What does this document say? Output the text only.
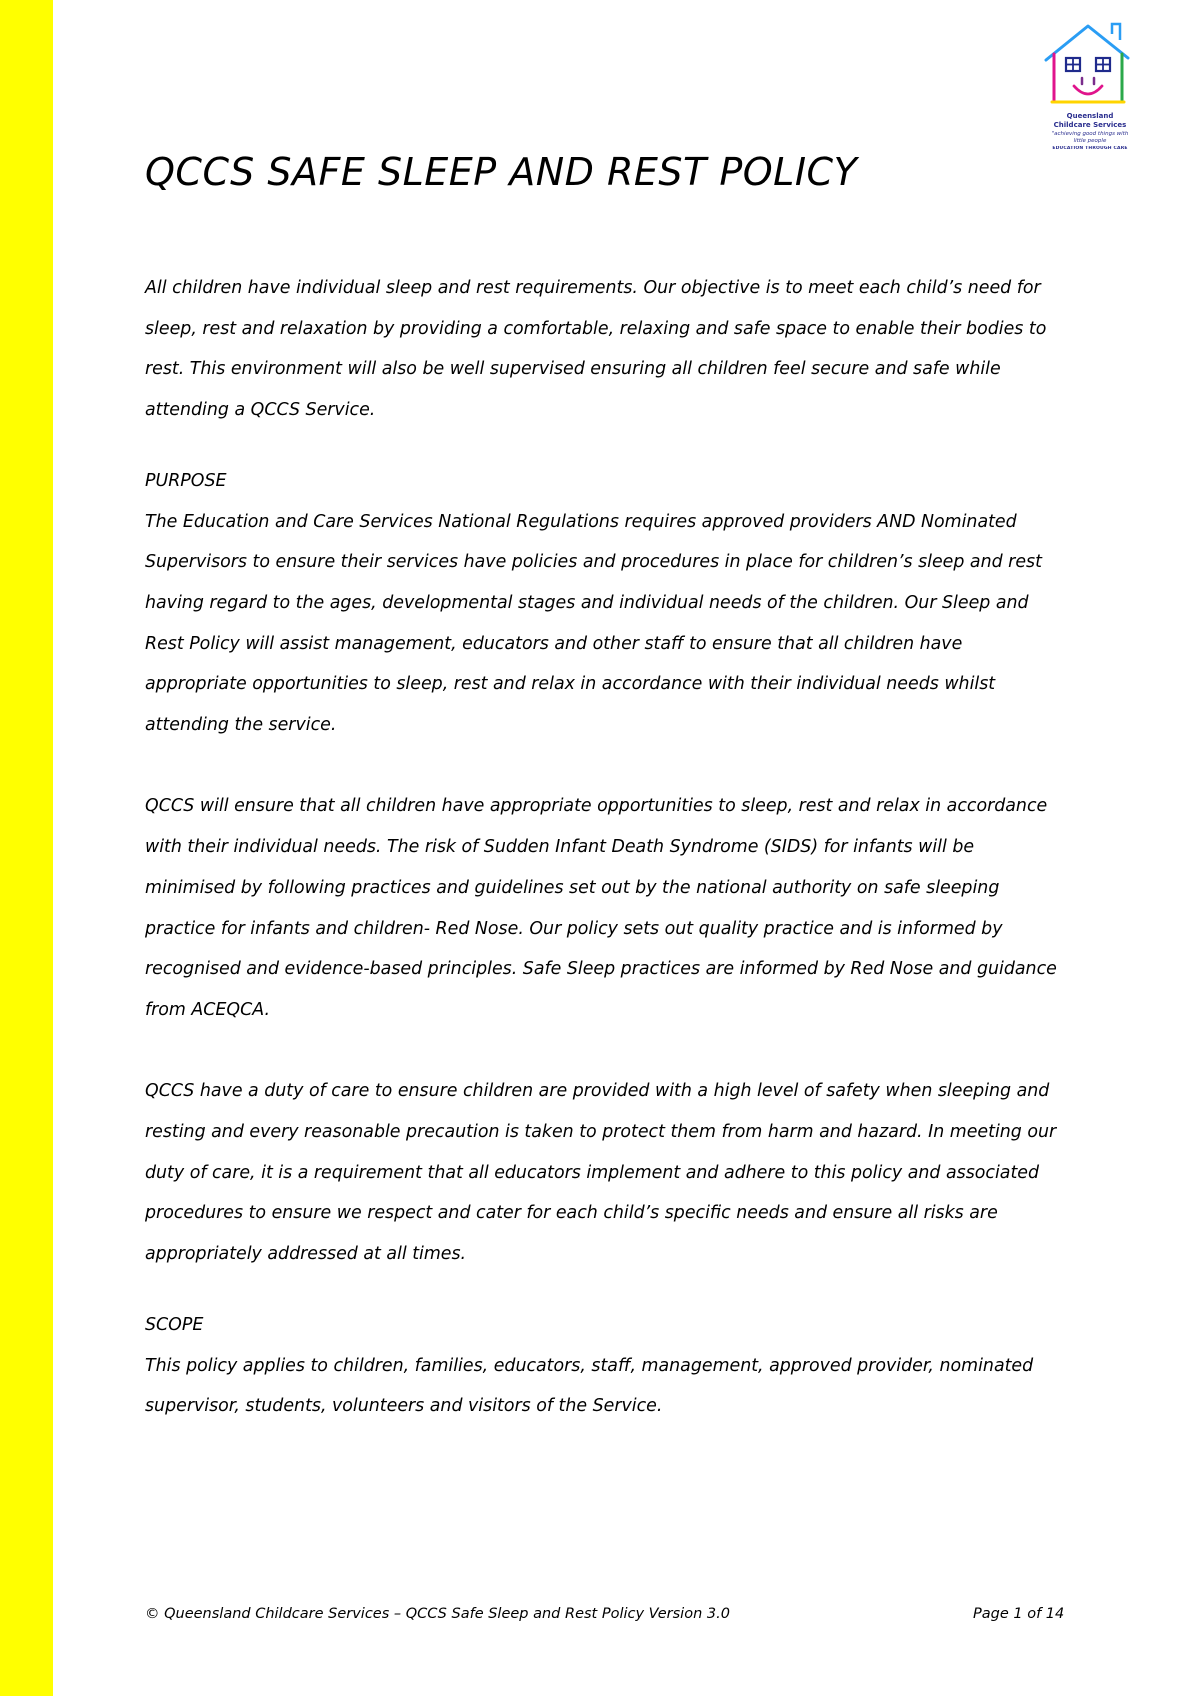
Queensland
Childcare Services
"achieving good things with
little people
EDUCATION THROUGH CARE
QCCS SAFE SLEEP AND REST POLICY

All children have individual sleep and rest requirements. Our objective is to meet each child’s need for sleep, rest and relaxation by providing a comfortable, relaxing and safe space to enable their bodies to rest. This environment will also be well supervised ensuring all children feel secure and safe while attending a QCCS Service.

PURPOSE

The Education and Care Services National Regulations requires approved providers AND Nominated Supervisors to ensure their services have policies and procedures in place for children’s sleep and rest having regard to the ages, developmental stages and individual needs of the children. Our Sleep and Rest Policy will assist management, educators and other staff to ensure that all children have appropriate opportunities to sleep, rest and relax in accordance with their individual needs whilst attending the service.

QCCS will ensure that all children have appropriate opportunities to sleep, rest and relax in accordance with their individual needs. The risk of Sudden Infant Death Syndrome (SIDS) for infants will be minimised by following practices and guidelines set out by the national authority on safe sleeping practice for infants and children- Red Nose. Our policy sets out quality practice and is informed by recognised and evidence-based principles. Safe Sleep practices are informed by Red Nose and guidance from ACEQCA.

QCCS have a duty of care to ensure children are provided with a high level of safety when sleeping and resting and every reasonable precaution is taken to protect them from harm and hazard. In meeting our duty of care, it is a requirement that all educators implement and adhere to this policy and associated procedures to ensure we respect and cater for each child’s specific needs and ensure all risks are appropriately addressed at all times.

SCOPE

This policy applies to children, families, educators, staff, management, approved provider, nominated supervisor, students, volunteers and visitors of the Service.

© Queensland Childcare Services – QCCS Safe Sleep and Rest Policy Version 3.0	Page 1 of 14
